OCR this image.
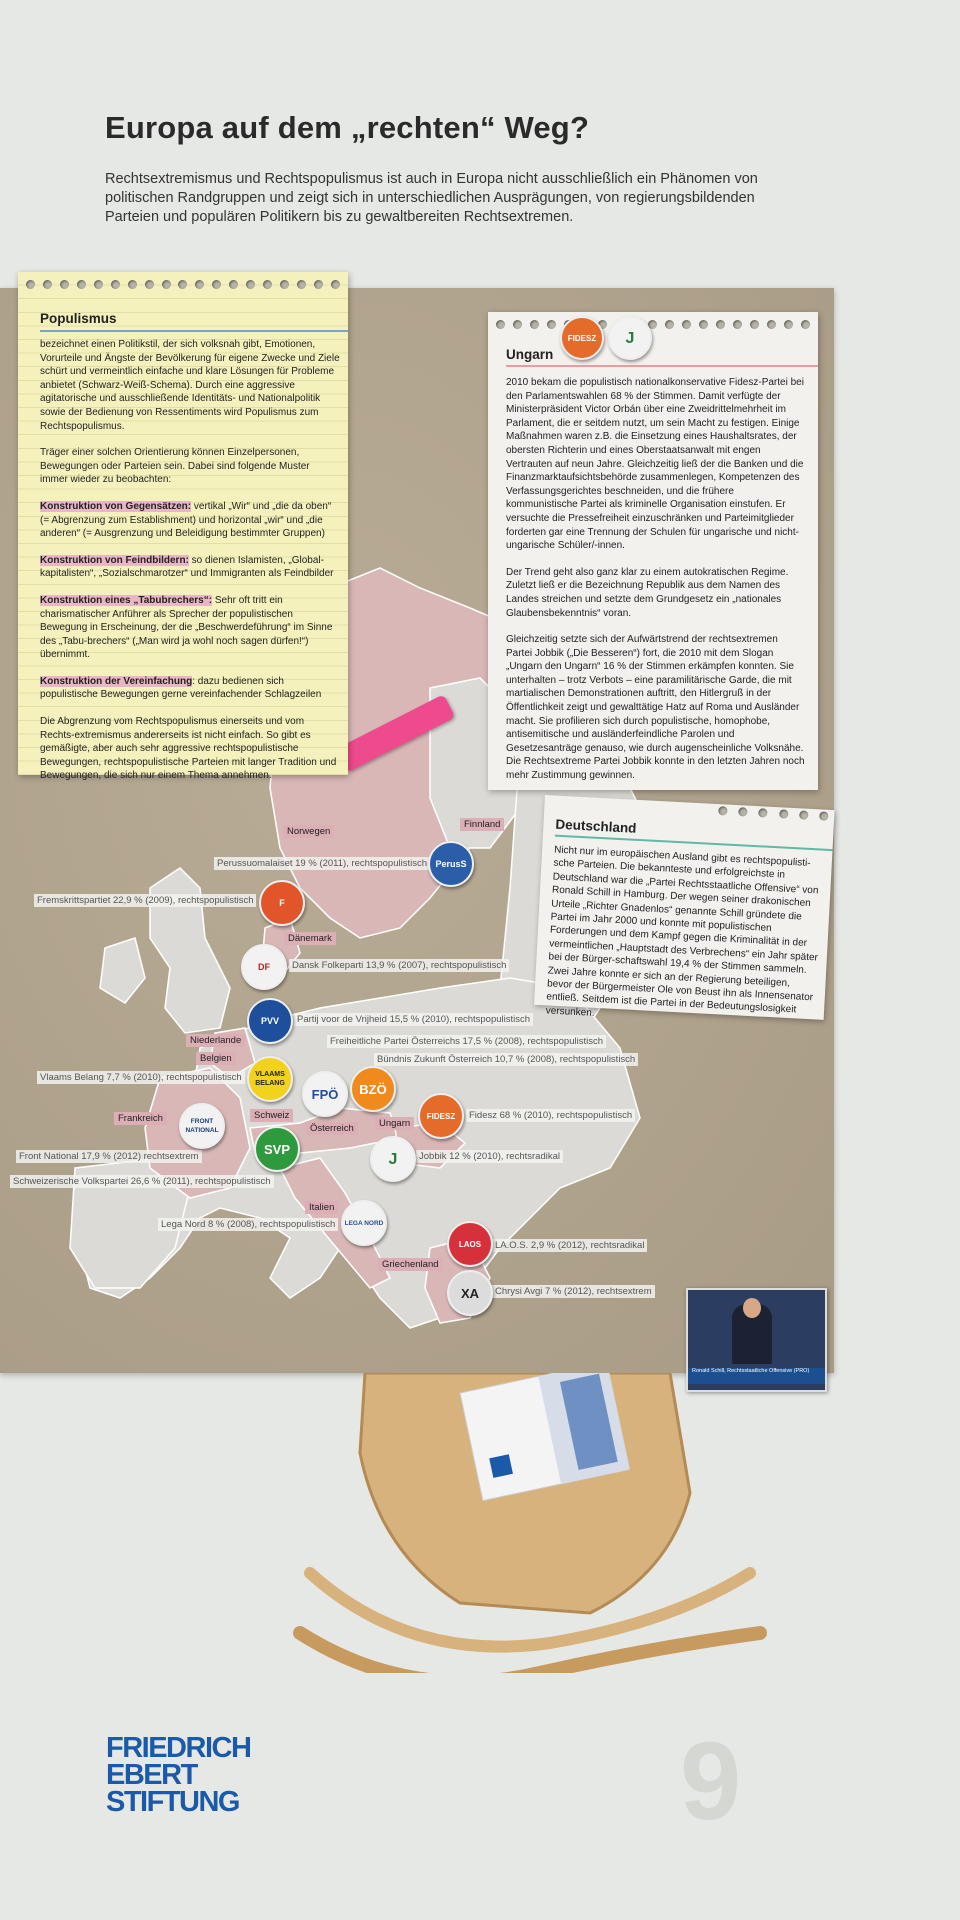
Europa auf dem „rechten“ Weg?
Rechtsextremismus und Rechtspopulismus ist auch in Europa nicht ausschließlich ein Phänomen von politischen Randgruppen und zeigt sich in unterschiedlichen Ausprägungen, von regierungsbildenden Parteien und populären Politikern bis zu gewaltbereiten Rechtsextremen.
Norwegen
Finnland
Dänemark
Niederlande
Belgien
Frankreich	Schweiz
Österreich	Ungarn
Italien
Griechenland
Perussuomalaiset 19 % (2011), rechtspopulistisch
Fremskrittspartiet 22,9 % (2009), rechtspopulistisch
Dansk Folkeparti 13,9 % (2007), rechtspopulistisch
Partij voor de Vrijheid 15,5 % (2010), rechtspopulistisch
Freiheitliche Partei Österreichs 17,5 % (2008), rechtspopulistisch
Bündnis Zukunft Österreich 10,7 % (2008), rechtspopulistisch
Vlaams Belang 7,7 % (2010), rechtspopulistisch
Fidesz 68 % (2010), rechtspopulistisch
Front National 17,9 % (2012) rechtsextrem
Schweizerische Volkspartei 26,6 % (2011), rechtspopulistisch
Jobbik 12 % (2010), rechtsradikal
Lega Nord 8 % (2008), rechtspopulistisch
LA.O.S. 2,9 % (2012), rechtsradikal
Chrysi Avgi 7 % (2012), rechtsextrem
PerusS
F
DF
PVV
FPÖ BZÖ
VLAAMS BELANG
FIDESZ
FRONT NATIONAL
SVP
J
LEGA NORD
LAOS
XA
Ronald Schill, Rechtsstaatliche Offensive (PRO)
Populismus

bezeichnet einen Politikstil, der sich volksnah gibt, Emotionen, Vorurteile und Ängste der Bevölkerung für eigene Zwecke und Ziele schürt und vermeintlich einfache und klare Lösungen für Probleme anbietet (Schwarz-Weiß-Schema). Durch eine aggressive agitatorische und ausschließende Identitäts- und Nationalpolitik sowie der Bedienung von Ressentiments wird Populismus zum Rechtspopulismus.

Träger einer solchen Orientierung können Einzelpersonen, Bewegungen oder Parteien sein. Dabei sind folgende Muster immer wieder zu beobachten:

Konstruktion von Gegensätzen: vertikal „Wir“ und „die da oben“ (= Abgrenzung zum Establishment) und horizontal „wir“ und „die anderen“ (= Ausgrenzung und Beleidigung bestimmter Gruppen)

Konstruktion von Feindbildern: so dienen Islamisten, „Global-kapitalisten“, „Sozialschmarotzer“ und Immigranten als Feindbilder

Konstruktion eines „Tabubrechers“: Sehr oft tritt ein charismatischer Anführer als Sprecher der populistischen Bewegung in Erscheinung, der die „Beschwerdeführung“ im Sinne des „Tabu-brechers“ („Man wird ja wohl noch sagen dürfen!“) übernimmt.

Konstruktion der Vereinfachung: dazu bedienen sich populistische Bewegungen gerne vereinfachender Schlagzeilen

Die Abgrenzung vom Rechtspopulismus einerseits und vom Rechts-extremismus andererseits ist nicht einfach. So gibt es gemäßigte, aber auch sehr aggressive rechtspopulistische Bewegungen, rechtspopulistische Parteien mit langer Tradition und Bewegungen, die sich nur einem Thema annehmen.

FIDESZ J
Ungarn

2010 bekam die populistisch nationalkonservative Fidesz-Partei bei den Parlamentswahlen 68 % der Stimmen. Damit verfügte der Ministerpräsident Victor Orbán über eine Zweidrittelmehrheit im Parlament, die er seitdem nutzt, um sein Macht zu festigen. Einige Maßnahmen waren z.B. die Einsetzung eines Haushaltsrates, der obersten Richterin und eines Oberstaatsanwalt mit engen Vertrauten auf neun Jahre. Gleichzeitig ließ der die Banken und die Finanzmarktaufsichtsbehörde zusammenlegen, Kompetenzen des Verfassungsgerichtes beschneiden, und die frühere kommunistische Partei als kriminelle Organisation einstufen. Er versuchte die Pressefreiheit einzuschränken und Parteimitglieder forderten gar eine Trennung der Schulen für ungarische und nicht-ungarische Schüler/-innen.

Der Trend geht also ganz klar zu einem autokratischen Regime. Zuletzt ließ er die Bezeichnung Republik aus dem Namen des Landes streichen und setzte dem Grundgesetz ein „nationales Glaubensbekenntnis“ voran.

Gleichzeitig setzte sich der Aufwärtstrend der rechtsextremen Partei Jobbik („Die Besseren“) fort, die 2010 mit dem Slogan „Ungarn den Ungarn“ 16 % der Stimmen erkämpfen konnten. Sie unterhalten – trotz Verbots – eine paramilitärische Garde, die mit martialischen Demonstrationen auftritt, den Hitlergruß in der Öffentlichkeit zeigt und gewalttätige Hatz auf Roma und Ausländer macht. Sie profilieren sich durch populistische, homophobe, antisemitische und ausländerfeindliche Parolen und Gesetzesanträge genauso, wie durch augenscheinliche Volksnähe. Die Rechtsextreme Partei Jobbik konnte in den letzten Jahren noch mehr Zustimmung gewinnen.

Deutschland

Nicht nur im europäischen Ausland gibt es rechtspopulisti-sche Parteien. Die bekannteste und erfolgreichste in Deutschland war die „Partei Rechtsstaatliche Offensive“ von Ronald Schill in Hamburg. Der wegen seiner drakonischen Urteile „Richter Gnadenlos“ genannte Schill gründete die Partei im Jahr 2000 und konnte mit populistischen Forderungen und dem Kampf gegen die Kriminalität in der vermeintlichen „Hauptstadt des Verbrechens“ ein Jahr später bei der Bürger-schaftswahl 19,4 % der Stimmen sammeln. Zwei Jahre konnte er sich an der Regierung beteiligen, bevor der Bürgermeister Ole von Beust ihn als Innensenator entließ. Seitdem ist die Partei in der Bedeutungslosigkeit versunken.

FRIEDRICH
EBERT
STIFTUNG	9
